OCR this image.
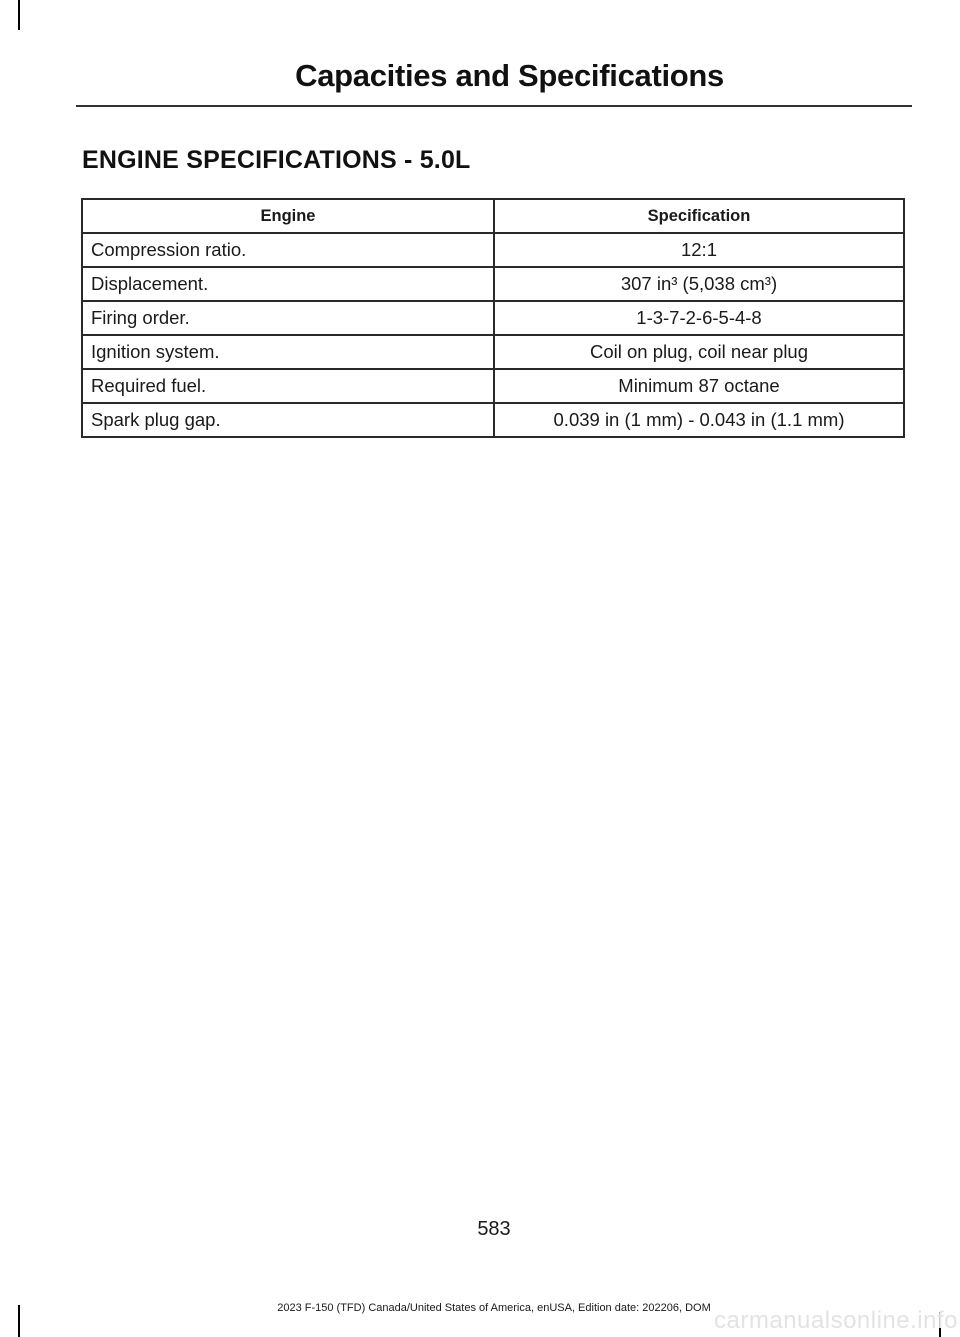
Capacities and Specifications
ENGINE SPECIFICATIONS - 5.0L
Engine	Specification
Compression ratio.	12:1
Displacement.	307 in³ (5,038 cm³)
Firing order.	1-3-7-2-6-5-4-8
Ignition system.	Coil on plug, coil near plug
Required fuel.	Minimum 87 octane
Spark plug gap.	0.039 in (1 mm) - 0.043 in (1.1 mm)
583
2023 F-150 (TFD) Canada/United States of America, enUSA, Edition date: 202206, DOM carmanualsonline.info
